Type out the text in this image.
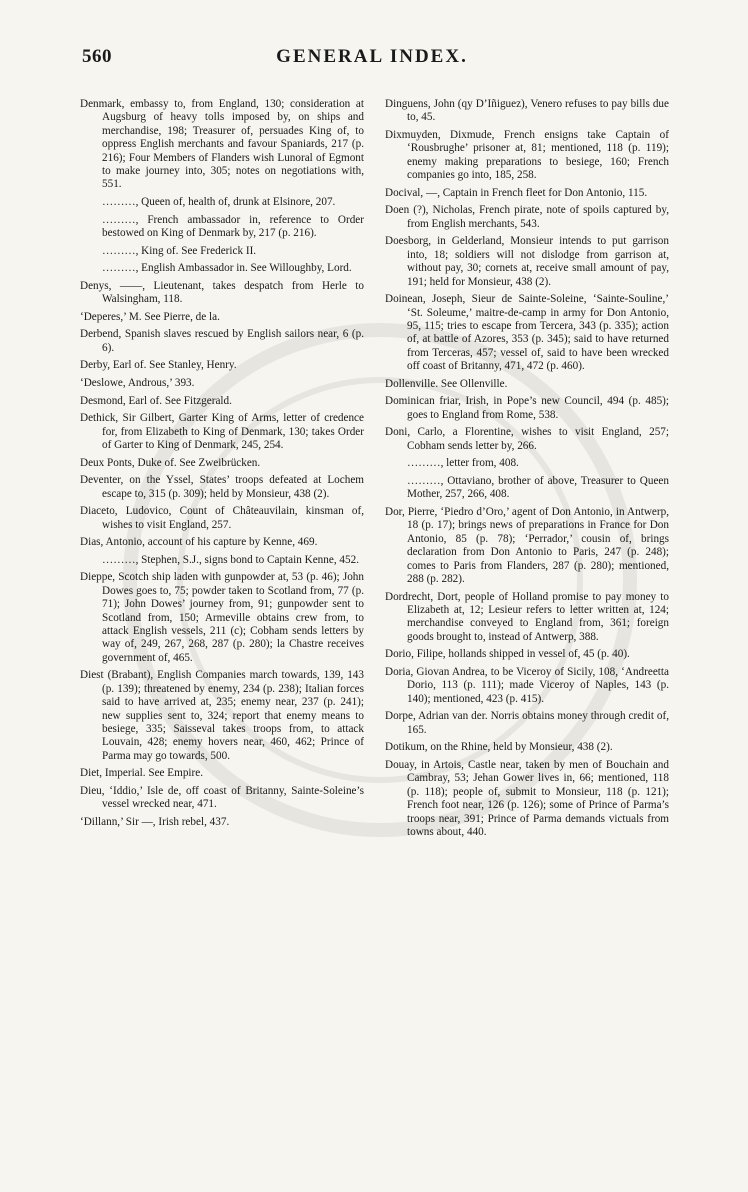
560	GENERAL INDEX.

Denmark, embassy to, from England, 130; consideration at Augsburg of heavy tolls imposed by, on ships and merchandise, 198; Treasurer of, persuades King of, to oppress English merchants and favour Spaniards, 217 (p. 216); Four Members of Flanders wish Lunoral of Egmont to make journey into, 305; notes on negotiations with, 551.

………, Queen of, health of, drunk at Elsinore, 207.

………, French ambassador in, reference to Order bestowed on King of Denmark by, 217 (p. 216).

………, King of. See Frederick II.

………, English Ambassador in. See Willoughby, Lord.

Denys, ——, Lieutenant, takes despatch from Herle to Walsingham, 118.

‘Deperes,’ M. See Pierre, de la.

Derbend, Spanish slaves rescued by English sailors near, 6 (p. 6).

Derby, Earl of. See Stanley, Henry.

‘Deslowe, Androus,’ 393.

Desmond, Earl of. See Fitzgerald.

Dethick, Sir Gilbert, Garter King of Arms, letter of credence for, from Elizabeth to King of Denmark, 130; takes Order of Garter to King of Denmark, 245, 254.

Deux Ponts, Duke of. See Zweibrücken.

Deventer, on the Yssel, States’ troops defeated at Lochem escape to, 315 (p. 309); held by Monsieur, 438 (2).

Diaceto, Ludovico, Count of Châteauvilain, kinsman of, wishes to visit England, 257.

Dias, Antonio, account of his capture by Kenne, 469.

………, Stephen, S.J., signs bond to Captain Kenne, 452.

Dieppe, Scotch ship laden with gunpowder at, 53 (p. 46); John Dowes goes to, 75; powder taken to Scotland from, 77 (p. 71); John Dowes’ journey from, 91; gunpowder sent to Scotland from, 150; Armeville obtains crew from, to attack English vessels, 211 (c); Cobham sends letters by way of, 249, 267, 268, 287 (p. 280); la Chastre receives government of, 465.

Diest (Brabant), English Companies march towards, 139, 143 (p. 139); threatened by enemy, 234 (p. 238); Italian forces said to have arrived at, 235; enemy near, 237 (p. 241); new supplies sent to, 324; report that enemy means to besiege, 335; Saisseval takes troops from, to attack Louvain, 428; enemy hovers near, 460, 462; Prince of Parma may go towards, 500.

Diet, Imperial. See Empire.

Dieu, ‘Iddio,’ Isle de, off coast of Britanny, Sainte-Soleine’s vessel wrecked near, 471.

‘Dillann,’ Sir —, Irish rebel, 437.

Dinguens, John (qy D’Iñiguez), Venero refuses to pay bills due to, 45.

Dixmuyden, Dixmude, French ensigns take Captain of ‘Rousbrughe’ prisoner at, 81; mentioned, 118 (p. 119); enemy making preparations to besiege, 160; French companies go into, 185, 258.

Docival, —, Captain in French fleet for Don Antonio, 115.

Doen (?), Nicholas, French pirate, note of spoils captured by, from English merchants, 543.

Doesborg, in Gelderland, Monsieur intends to put garrison into, 18; soldiers will not dislodge from garrison at, without pay, 30; cornets at, receive small amount of pay, 191; held for Monsieur, 438 (2).

Doinean, Joseph, Sieur de Sainte-Soleine, ‘Sainte-Souline,’ ‘St. Soleume,’ maitre-de-camp in army for Don Antonio, 95, 115; tries to escape from Tercera, 343 (p. 335); action of, at battle of Azores, 353 (p. 345); said to have returned from Terceras, 457; vessel of, said to have been wrecked off coast of Britanny, 471, 472 (p. 460).

Dollenville. See Ollenville.

Dominican friar, Irish, in Pope’s new Council, 494 (p. 485); goes to England from Rome, 538.

Doni, Carlo, a Florentine, wishes to visit England, 257; Cobham sends letter by, 266.

………, letter from, 408.

………, Ottaviano, brother of above, Treasurer to Queen Mother, 257, 266, 408.

Dor, Pierre, ‘Piedro d’Oro,’ agent of Don Antonio, in Antwerp, 18 (p. 17); brings news of preparations in France for Don Antonio, 85 (p. 78); ‘Perrador,’ cousin of, brings declaration from Don Antonio to Paris, 247 (p. 248); comes to Paris from Flanders, 287 (p. 280); mentioned, 288 (p. 282).

Dordrecht, Dort, people of Holland promise to pay money to Elizabeth at, 12; Lesieur refers to letter written at, 124; merchandise conveyed to England from, 361; foreign goods brought to, instead of Antwerp, 388.

Dorio, Filipe, hollands shipped in vessel of, 45 (p. 40).

Doria, Giovan Andrea, to be Viceroy of Sicily, 108, ‘Andreetta Dorio, 113 (p. 111); made Viceroy of Naples, 143 (p. 140); mentioned, 423 (p. 415).

Dorpe, Adrian van der. Norris obtains money through credit of, 165.

Dotikum, on the Rhine, held by Monsieur, 438 (2).

Douay, in Artois, Castle near, taken by men of Bouchain and Cambray, 53; Jehan Gower lives in, 66; mentioned, 118 (p. 118); people of, submit to Monsieur, 118 (p. 121); French foot near, 126 (p. 126); some of Prince of Parma’s troops near, 391; Prince of Parma demands victuals from towns about, 440.
